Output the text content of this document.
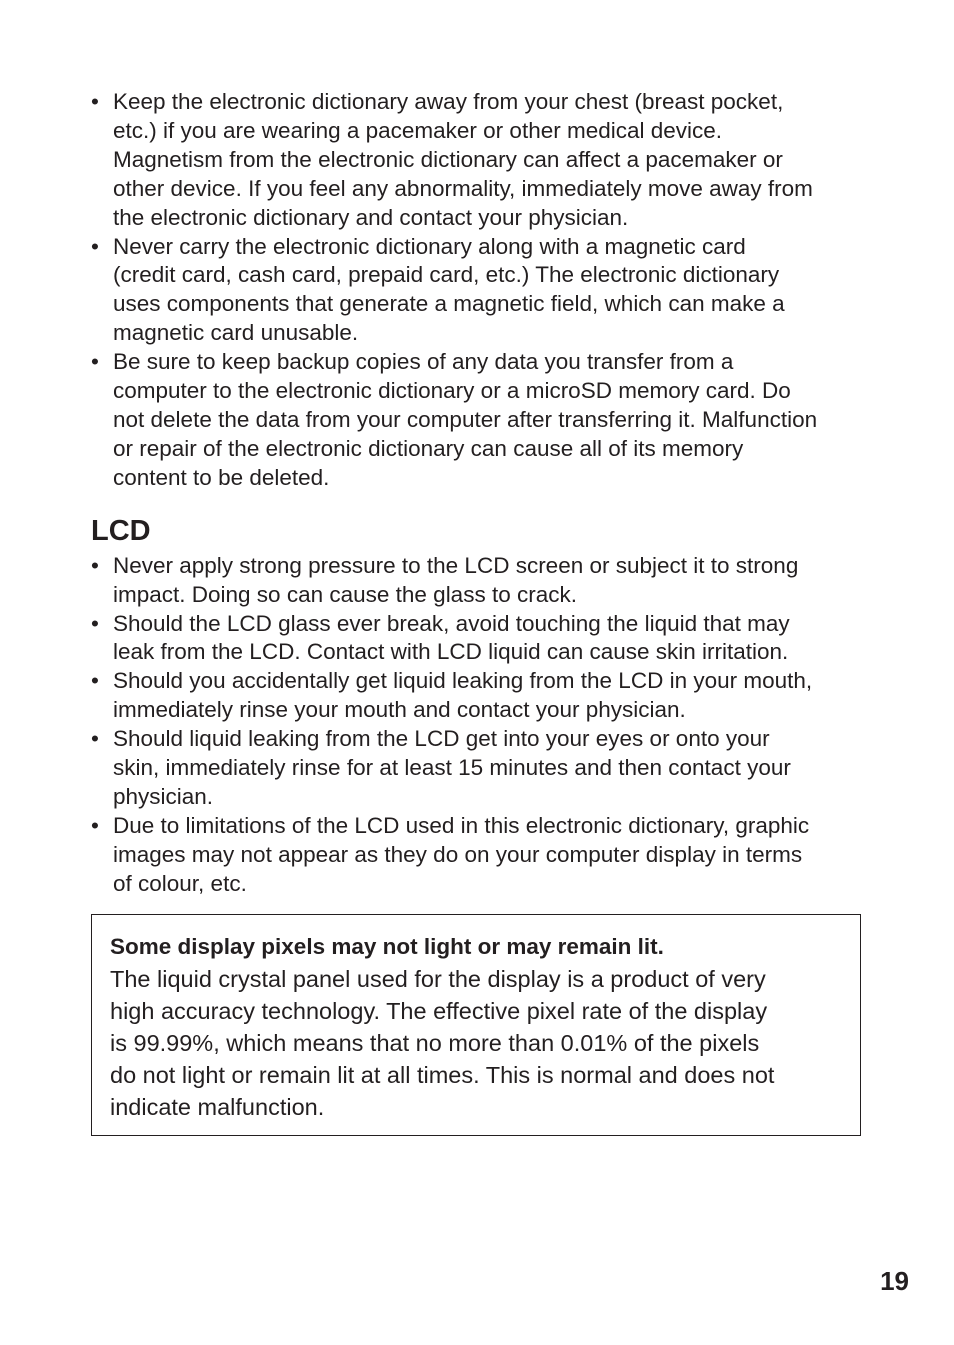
• Keep the electronic dictionary away from your chest (breast pocket,
etc.) if you are wearing a pacemaker or other medical device.
Magnetism from the electronic dictionary can affect a pacemaker or
other device. If you feel any abnormality, immediately move away from
the electronic dictionary and contact your physician.
• Never carry the electronic dictionary along with a magnetic card
(credit card, cash card, prepaid card, etc.) The electronic dictionary
uses components that generate a magnetic field, which can make a
magnetic card unusable.
• Be sure to keep backup copies of any data you transfer from a
computer to the electronic dictionary or a microSD memory card. Do
not delete the data from your computer after transferring it. Malfunction
or repair of the electronic dictionary can cause all of its memory
content to be deleted.
LCD
• Never apply strong pressure to the LCD screen or subject it to strong
impact. Doing so can cause the glass to crack.
• Should the LCD glass ever break, avoid touching the liquid that may
leak from the LCD. Contact with LCD liquid can cause skin irritation.
• Should you accidentally get liquid leaking from the LCD in your mouth,
immediately rinse your mouth and contact your physician.
• Should liquid leaking from the LCD get into your eyes or onto your
skin, immediately rinse for at least 15 minutes and then contact your
physician.
• Due to limitations of the LCD used in this electronic dictionary, graphic
images may not appear as they do on your computer display in terms
of colour, etc.
Some display pixels may not light or may remain lit.
The liquid crystal panel used for the display is a product of very
high accuracy technology. The effective pixel rate of the display
is 99.99%, which means that no more than 0.01% of the pixels
do not light or remain lit at all times. This is normal and does not
indicate malfunction.
19
